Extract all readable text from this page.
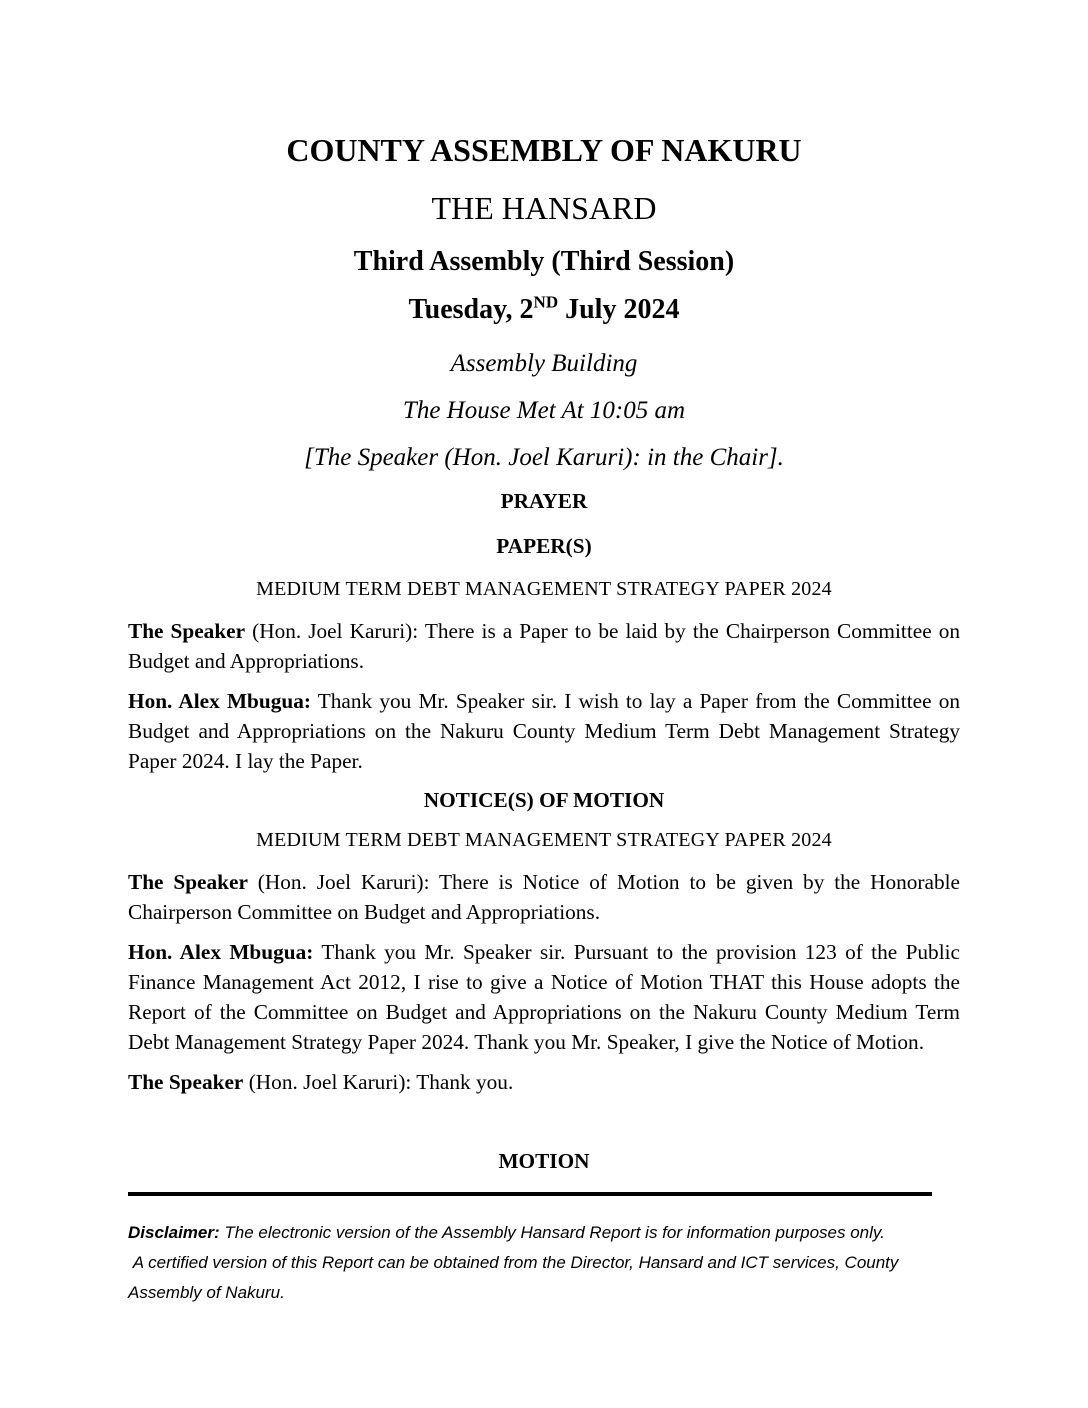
COUNTY ASSEMBLY OF NAKURU
THE HANSARD
Third Assembly (Third Session)
Tuesday, 2ND July 2024
Assembly Building
The House Met At 10:05 am
[The Speaker (Hon. Joel Karuri): in the Chair].
PRAYER
PAPER(S)
MEDIUM TERM DEBT MANAGEMENT STRATEGY PAPER 2024

The Speaker (Hon. Joel Karuri): There is a Paper to be laid by the Chairperson Committee on Budget and Appropriations.

Hon. Alex Mbugua: Thank you Mr. Speaker sir. I wish to lay a Paper from the Committee on Budget and Appropriations on the Nakuru County Medium Term Debt Management Strategy Paper 2024. I lay the Paper.

NOTICE(S) OF MOTION
MEDIUM TERM DEBT MANAGEMENT STRATEGY PAPER 2024

The Speaker (Hon. Joel Karuri): There is Notice of Motion to be given by the Honorable Chairperson Committee on Budget and Appropriations.

Hon. Alex Mbugua: Thank you Mr. Speaker sir. Pursuant to the provision 123 of the Public Finance Management Act 2012, I rise to give a Notice of Motion THAT this House adopts the Report of the Committee on Budget and Appropriations on the Nakuru County Medium Term Debt Management Strategy Paper 2024. Thank you Mr. Speaker, I give the Notice of Motion.

The Speaker (Hon. Joel Karuri): Thank you.

MOTION

Disclaimer: The electronic version of the Assembly Hansard Report is for information purposes only.
A certified version of this Report can be obtained from the Director, Hansard and ICT services, County Assembly of Nakuru.
